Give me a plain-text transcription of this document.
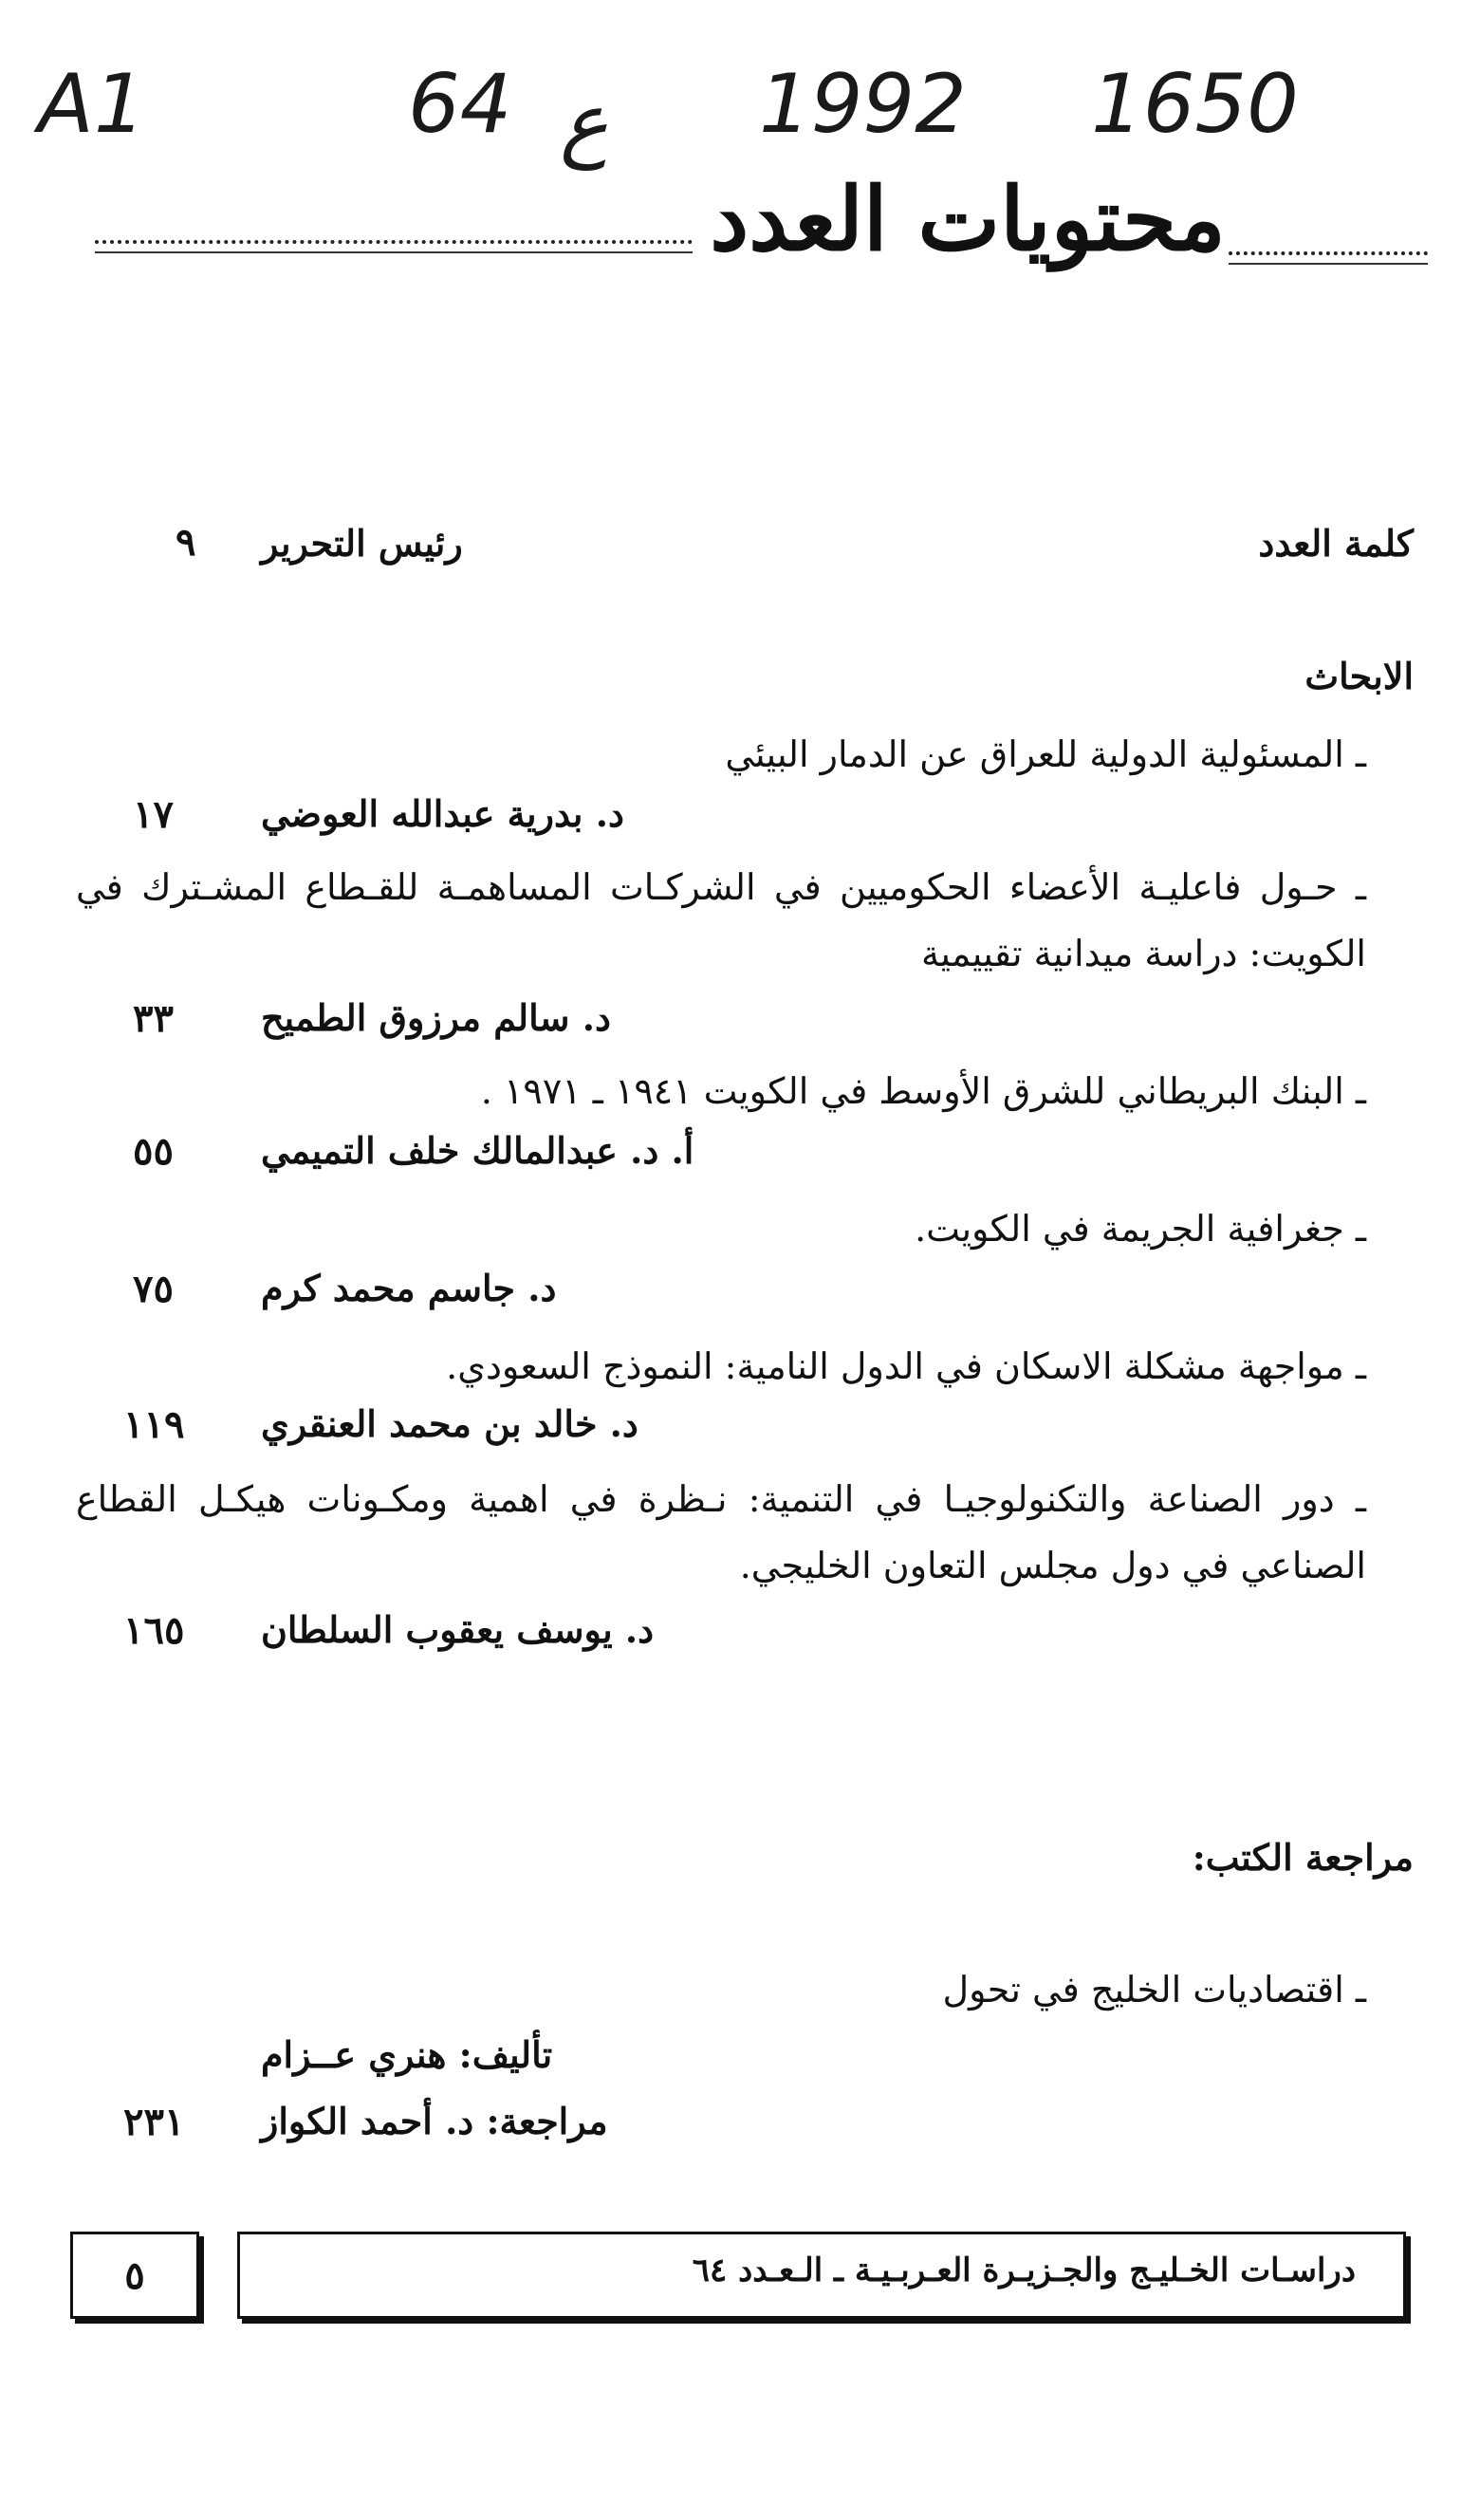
A1	64 ع 1992 1650
محتويات العدد
كلمة العدد
رئيس التحرير
٩
الابحاث
ـ المسئولية الدولية للعراق عن الدمار البيئي
د. بدرية عبدالله العوضي
١٧
ـ حـول فاعليـة الأعضاء الحكوميين في الشركـات المساهمـة للقـطاع المشـترك في الكويت: دراسة ميدانية تقييمية
د. سالم مرزوق الطميح
٣٣
ـ البنك البريطاني للشرق الأوسط في الكويت ١٩٤١ ـ ١٩٧١ .
أ. د. عبدالمالك خلف التميمي
٥٥
ـ جغرافية الجريمة في الكويت.
د. جاسم محمد كرم
٧٥
ـ مواجهة مشكلة الاسكان في الدول النامية: النموذج السعودي.
د. خالد بن محمد العنقري
١١٩
ـ دور الصناعة والتكنولوجيـا في التنمية: نـظرة في اهمية ومكـونات هيكـل القطاع الصناعي في دول مجلس التعاون الخليجي.
د. يوسف يعقوب السلطان
١٦٥
مراجعة الكتب:
ـ اقتصاديات الخليج في تحول
تأليف: هنري عــزام
مراجعة: د. أحمد الكواز
٢٣١
دراسـات الخـليـج والجـزيـرة العـربـيـة ـ الـعـدد ٦٤
٥
